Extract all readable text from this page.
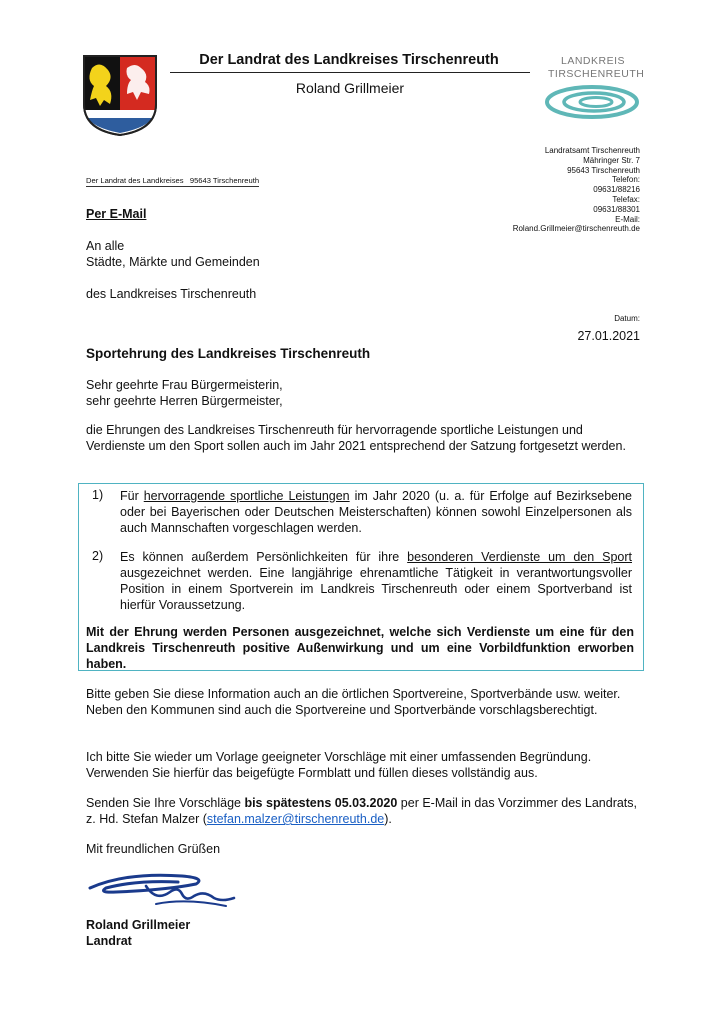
Der Landrat des Landkreises Tirschenreuth
Roland Grillmeier
LANDKREIS
TIRSCHENREUTH
Landratsamt Tirschenreuth
Mähringer Str. 7
95643 Tirschenreuth
Telefon:
09631/88216
Telefax:
09631/88301
E-Mail:
Roland.Grillmeier@tirschenreuth.de
Der Landrat des Landkreises   95643 Tirschenreuth
Per E-Mail
An alle
Städte, Märkte und Gemeinden
des Landkreises Tirschenreuth
Datum:
27.01.2021
Sportehrung des Landkreises Tirschenreuth
Sehr geehrte Frau Bürgermeisterin,
sehr geehrte Herren Bürgermeister,
die Ehrungen des Landkreises Tirschenreuth für hervorragende sportliche Leistungen und Verdienste um den Sport sollen auch im Jahr 2021 entsprechend der Satzung fortgesetzt werden.
1) Für hervorragende sportliche Leistungen im Jahr 2020 (u. a. für Erfolge auf Bezirksebene oder bei Bayerischen oder Deutschen Meisterschaften) können sowohl Einzelpersonen als auch Mannschaften vorgeschlagen werden.
2) Es können außerdem Persönlichkeiten für ihre besonderen Verdienste um den Sport ausgezeichnet werden. Eine langjährige ehrenamtliche Tätigkeit in verantwortungsvoller Position in einem Sportverein im Landkreis Tirschenreuth oder einem Sportverband ist hierfür Voraussetzung.
Mit der Ehrung werden Personen ausgezeichnet, welche sich Verdienste um eine für den Landkreis Tirschenreuth positive Außenwirkung und um eine Vorbildfunktion erworben haben.
Bitte geben Sie diese Information auch an die örtlichen Sportvereine, Sportverbände usw. weiter. Neben den Kommunen sind auch die Sportvereine und Sportverbände vorschlagsberechtigt.
Ich bitte Sie wieder um Vorlage geeigneter Vorschläge mit einer umfassenden Begründung. Verwenden Sie hierfür das beigefügte Formblatt und füllen dieses vollständig aus.
Senden Sie Ihre Vorschläge bis spätestens 05.03.2020 per E-Mail in das Vorzimmer des Landrats, z. Hd. Stefan Malzer (stefan.malzer@tirschenreuth.de).
Mit freundlichen Grüßen
Roland Grillmeier
Landrat
